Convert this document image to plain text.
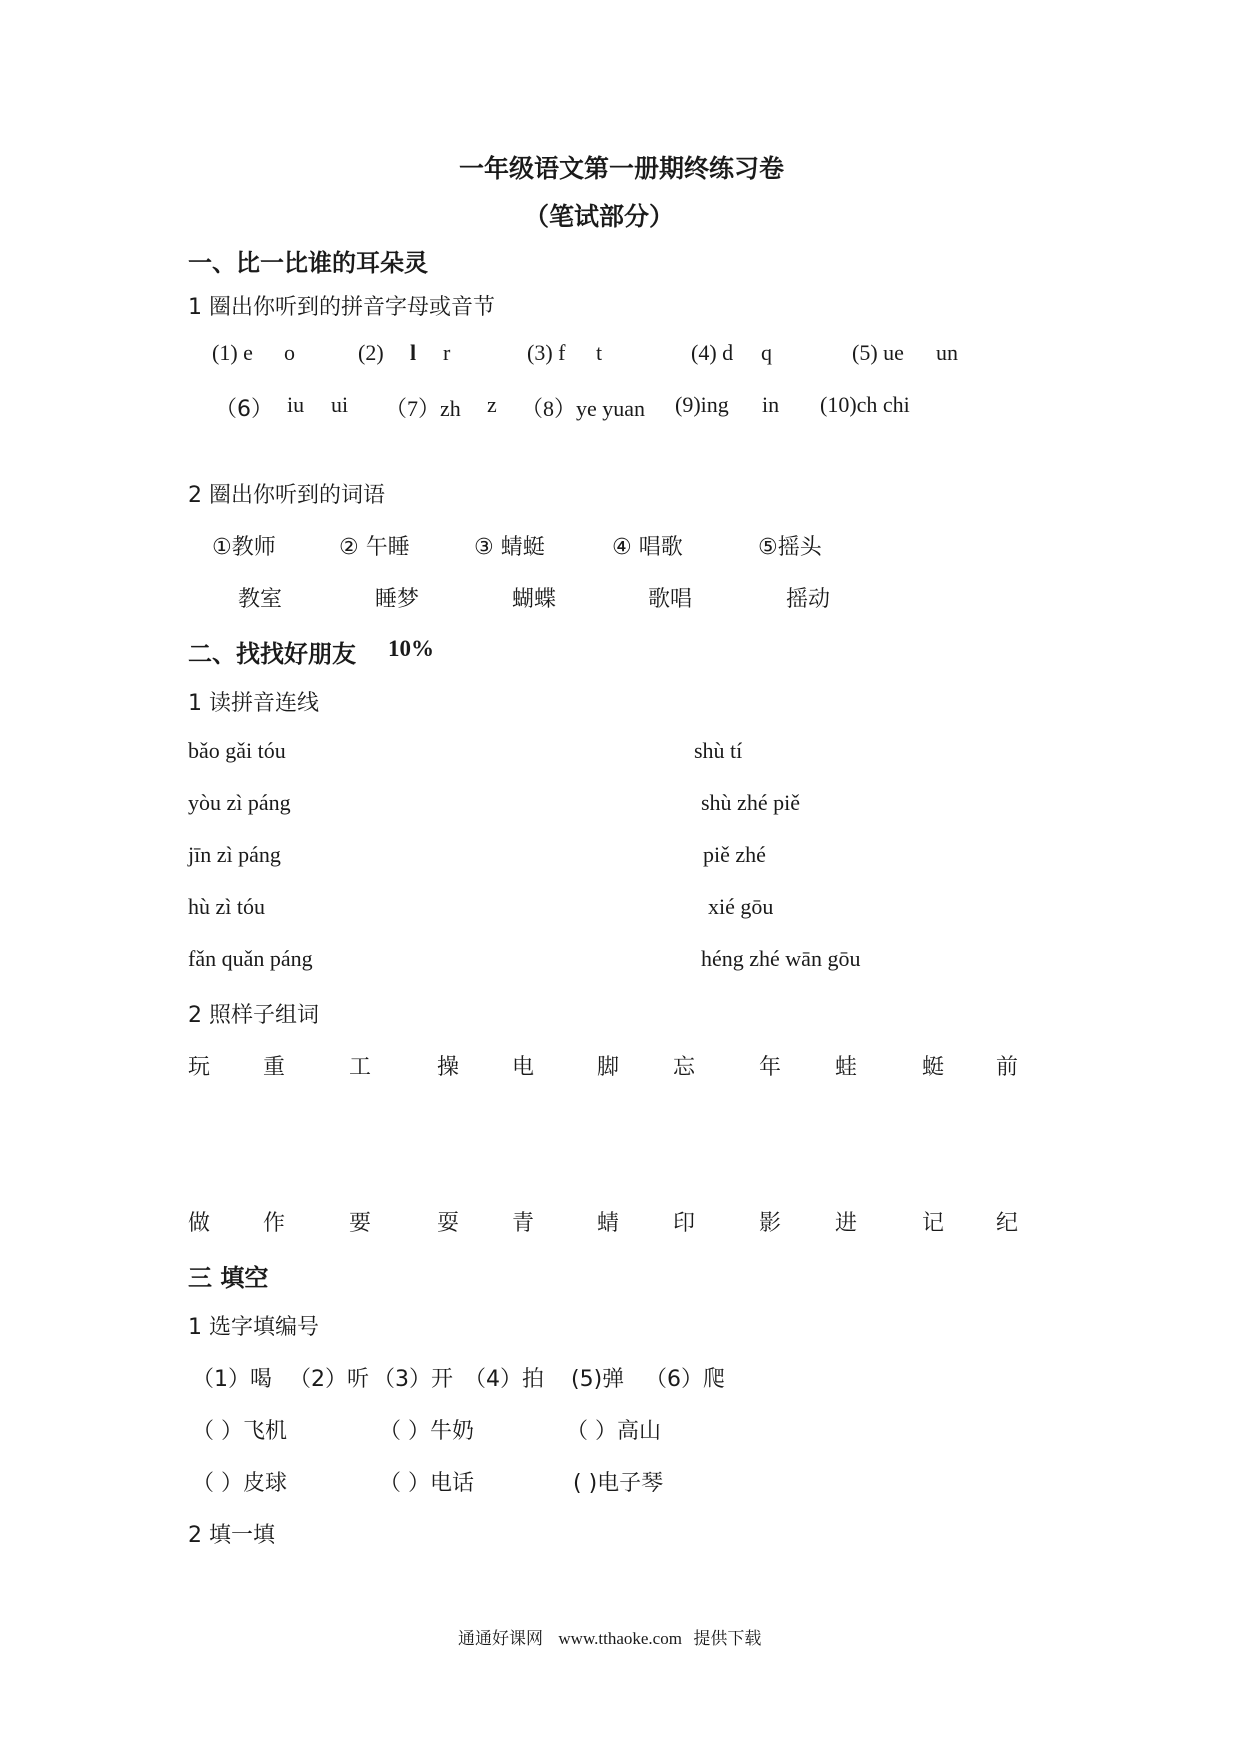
一年级语文第一册期终练习卷
（笔试部分）
一、比一比谁的耳朵灵
1 圈出你听到的拼音字母或音节
(1) e o	(2) l r	(3) f t	(4) d q	(5) ue un
（6） iu ui （7）zh z （8）ye yuan (9)ing in (10)ch chi
2 圈出你听到的词语
①教师	② 午睡	③ 蜻蜓	④ 唱歌	⑤摇头
教室	睡梦	蝴蝶	歌唱	摇动
二、找找好朋友 10%
1 读拼音连线
bǎo gǎi tóu
yòu zì páng
jīn zì páng
hù zì tóu
fǎn quǎn páng
shù tí
shù zhé piě
piě zhé
xié gōu
héng zhé wān gōu
2 照样子组词
玩 重	工	操 电	脚 忘	年 蛙	蜓 前
做 作	要	耍 青	蜻 印	影 进	记 纪
三 填空
1 选字填编号
（1）喝 （2）听 （3）开 （4）拍 (5)弹 （6）爬
（ ）飞机	（ ）牛奶	（ ）高山
（ ）皮球	（ ）电话	( )电子琴
2 填一填
通通好课网 www.tthaoke.com 提供下载
